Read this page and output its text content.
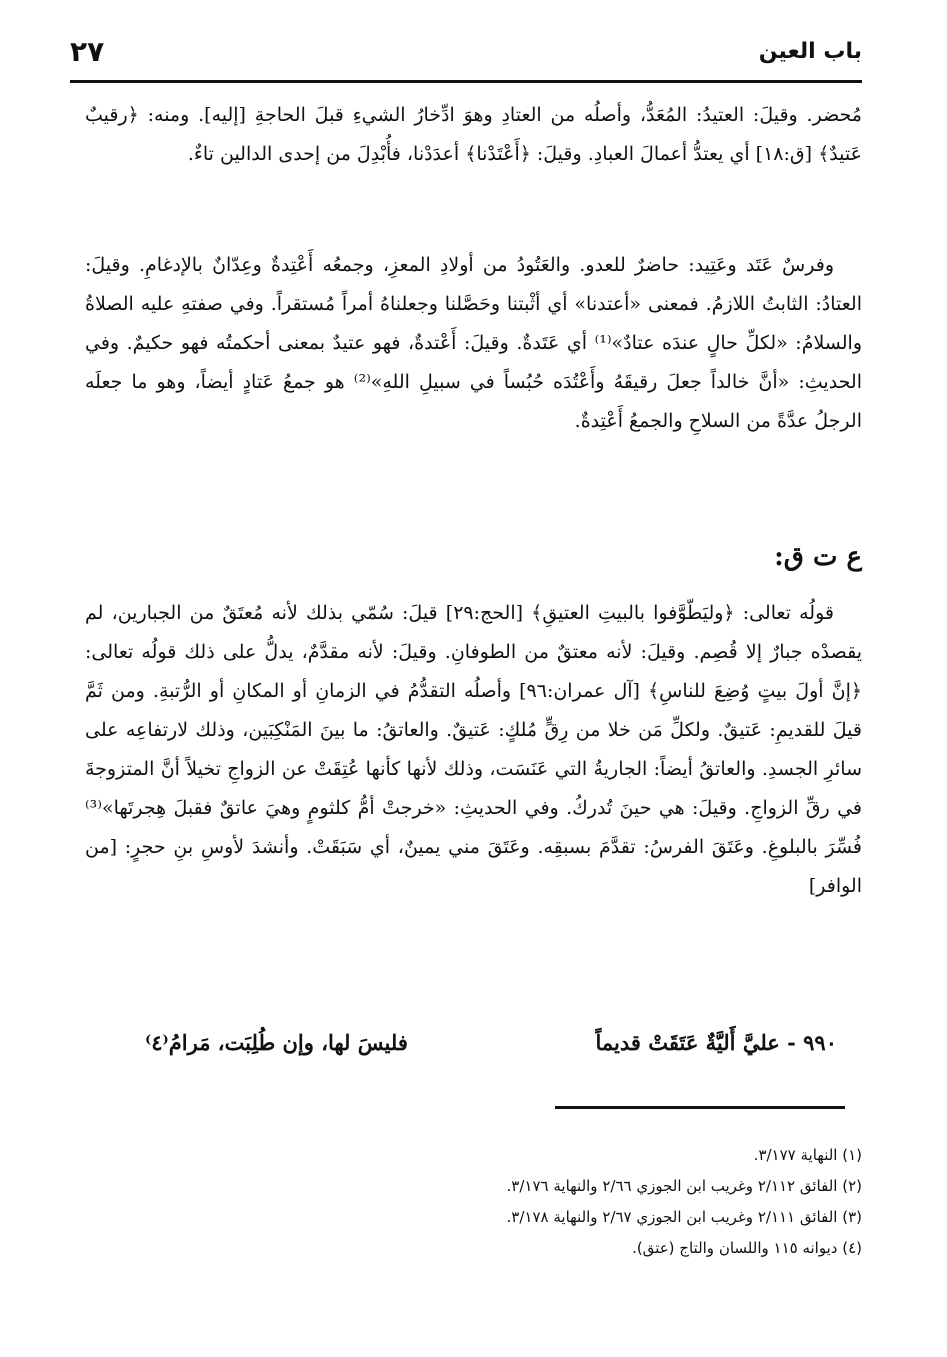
باب العين
٢٧

مُحضر. وقيلَ: العتيدُ: المُعَدُّ، وأصلُه من العتادِ وهوَ ادِّخارُ الشيءِ قبلَ الحاجةِ [إليه]. ومنه: ﴿رقيبٌ عَتيدٌ﴾ [ق:١٨] أي يعتدُّ أعمالَ العبادِ. وقيلَ: ﴿أَعْتَدْنا﴾ أعدَدْنا، فأُبْدِلَ من إحدى الدالين تاءٌ.

وفرسٌ عَتَد وعَتِيد: حاضرٌ للعدو. والعَتُودُ من أولادِ المعزِ، وجمعُه أَعْتِدةٌ وعِدّانٌ بالإدغامِ. وقيلَ: العتادُ: الثابتُ اللازمُ. فمعنى «أعتدنا» أي أثْبتنا وحَصَّلنا وجعلناهُ أمراً مُستقراً. وفي صفتهِ عليه الصلاةُ والسلامُ: «لكلِّ حالٍ عندَه عتادٌ»⁽¹⁾ أي عَتَدةٌ. وقيلَ: أَعْتدةٌ، فهو عتيدٌ بمعنى أحكمتُه فهو حكيمٌ. وفي الحديثِ: «أنَّ خالداً جعلَ رقيقَهُ وأَعْتُدَه حُبُساً في سبيلِ اللهِ»⁽²⁾ هو جمعُ عَتادٍ أيضاً، وهو ما جعلَه الرجلُ عدَّةً من السلاحِ والجمعُ أَعْتِدةٌ.

ع ت ق:

قولُه تعالى: ﴿وليَطّوَّفوا بالبيتِ العتيقِ﴾ [الحج:٢٩] قيلَ: سُمّي بذلك لأنه مُعتَقٌ من الجبارين، لم يقصدْه جبارٌ إلا قُصِم. وقيلَ: لأنه معتقٌ من الطوفانِ. وقيلَ: لأنه مقدَّمٌ، يدلُّ على ذلك قولُه تعالى: ﴿إنَّ أولَ بيتٍ وُضِعَ للناسِ﴾ [آل عمران:٩٦] وأصلُه التقدُّمُ في الزمانِ أو المكانِ أو الرُّتبةِ. ومن ثَمَّ قيلَ للقديمِ: عَتيقٌ. ولكلِّ مَن خلا من رِقٍّ مُلكٍ: عَتيقٌ. والعاتقُ: ما بينَ المَنْكِبَين، وذلك لارتفاعِه على سائرِ الجسدِ. والعاتقُ أيضاً: الجاريةُ التي عَنَسَت، وذلك لأنها كأنها عُتِقَتْ عن الزواجِ تخيلاً أنَّ المتزوجةَ في رقِّ الزواجِ. وقيلَ: هي حينَ تُدركُ. وفي الحديثِ: «خرجتْ أمُّ كلثومٍ وهيَ عاتقٌ فقبلَ هِجرتَها»⁽³⁾ فُسِّرَ بالبلوغِ. وعَتَقَ الفرسُ: تقدَّمَ بسبقِه. وعَتَقَ مني يمينٌ، أي سَبَقَتْ. وأنشدَ لأوسِ بنِ حجرٍ: [من الوافر]

٩٩٠ - عليَّ أَليَّةٌ عَتَقَتْ قديماً
فليسَ لها، وإن طُلِبَت، مَرامُ⁽٤⁾
(١) النهاية ٣/١٧٧.
(٢) الفائق ٢/١١٢ وغريب ابن الجوزي ٢/٦٦ والنهاية ٣/١٧٦.
(٣) الفائق ٢/١١١ وغريب ابن الجوزي ٢/٦٧ والنهاية ٣/١٧٨.
(٤) ديوانه ١١٥ واللسان والتاج (عتق).
